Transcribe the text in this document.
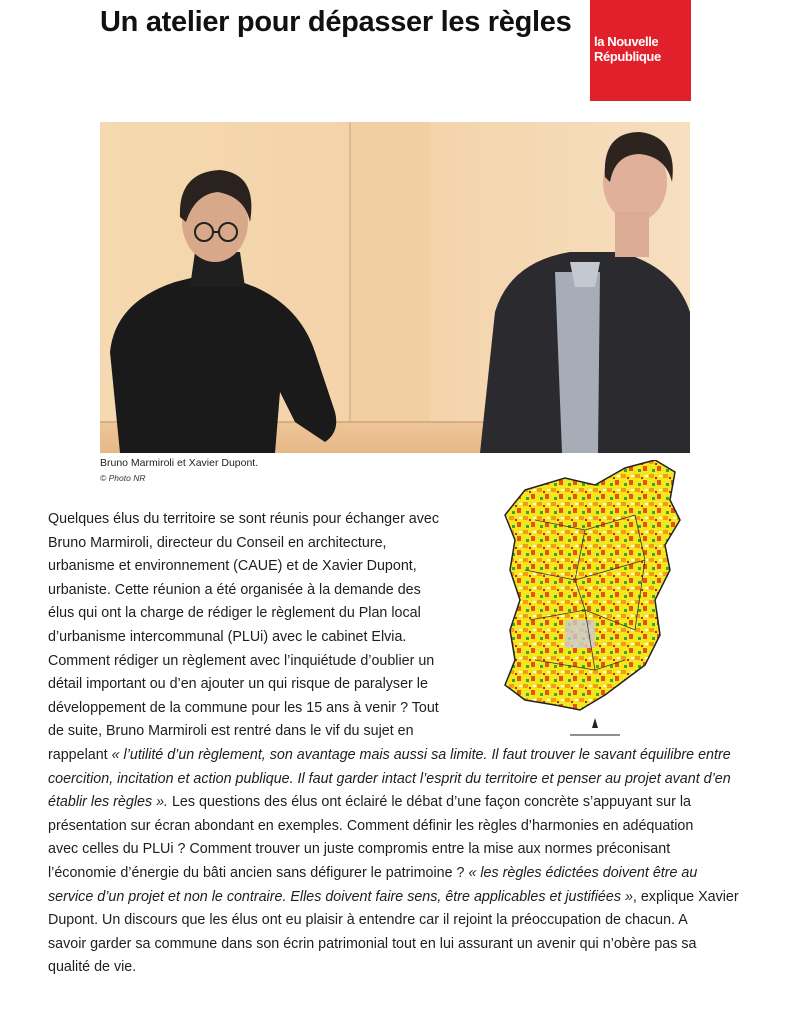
Un atelier pour dépasser les règles
la Nouvelle
République
Bruno Marmiroli et Xavier Dupont.
© Photo NR
Quelques élus du territoire se sont réunis pour échanger avec
Bruno Marmiroli, directeur du Conseil en architecture,
urbanisme et environnement (CAUE) et de Xavier Dupont,
urbaniste. Cette réunion a été organisée à la demande des
élus qui ont la charge de rédiger le règlement du Plan local
d’urbanisme intercommunal (PLUi) avec le cabinet Elvia.
Comment rédiger un règlement avec l’inquiétude d’oublier un
détail important ou d’en ajouter un qui risque de paralyser le
développement de la commune pour les 15 ans à venir ? Tout
de suite, Bruno Marmiroli est rentré dans le vif du sujet en
rappelant « l’utilité d’un règlement, son avantage mais aussi sa limite. Il faut trouver le savant équilibre entre
coercition, incitation et action publique. Il faut garder intact l’esprit du territoire et penser au projet avant d’en
établir les règles ». Les questions des élus ont éclairé le débat d’une façon concrète s’appuyant sur la
présentation sur écran abondant en exemples. Comment définir les règles d’harmonies en adéquation
avec celles du PLUi ? Comment trouver un juste compromis entre la mise aux normes préconisant
l’économie d’énergie du bâti ancien sans défigurer le patrimoine ? « les règles édictées doivent être au
service d’un projet et non le contraire. Elles doivent faire sens, être applicables et justifiées », explique Xavier
Dupont. Un discours que les élus ont eu plaisir à entendre car il rejoint la préoccupation de chacun. A
savoir garder sa commune dans son écrin patrimonial tout en lui assurant un avenir qui n’obère pas sa
qualité de vie.
